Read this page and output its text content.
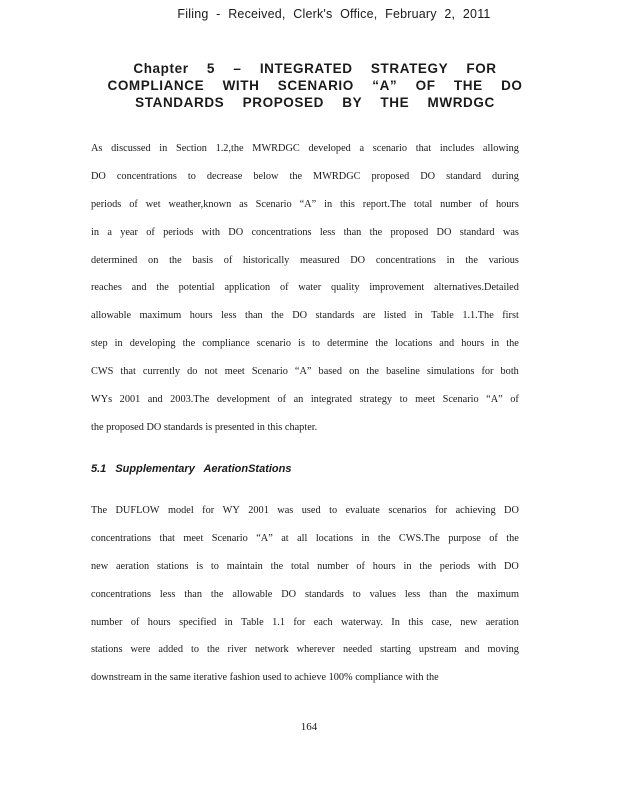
Filing - Received, Clerk's Office, February 2, 2011
Chapter 5 – INTEGRATED STRATEGY FOR
COMPLIANCE WITH SCENARIO “A” OF THE DO
STANDARDS PROPOSED BY THE MWRDGC
As discussed in Section 1.2,the MWRDGC developed a scenario that includes allowing
DO concentrations to decrease below the MWRDGC proposed DO standard during
periods of wet weather,known as Scenario “A” in this report.The total number of hours
in a year of periods with DO concentrations less than the proposed DO standard was
determined on the basis of historically measured DO concentrations in the various
reaches and the potential application of water quality improvement alternatives.Detailed
allowable maximum hours less than the DO standards are listed in Table 1.1.The first
step in developing the compliance scenario is to determine the locations and hours in the
CWS that currently do not meet Scenario “A” based on the baseline simulations for both
WYs 2001 and 2003.The development of an integrated strategy to meet Scenario “A” of
the proposed DO standards is presented in this chapter.
5.1 Supplementary AerationStations
The DUFLOW model for WY 2001 was used to evaluate scenarios for achieving DO
concentrations that meet Scenario “A” at all locations in the CWS.The purpose of the
new aeration stations is to maintain the total number of hours in the periods with DO
concentrations less than the allowable DO standards to values less than the maximum
number of hours specified in Table 1.1 for each waterway. In this case, new aeration
stations were added to the river network wherever needed starting upstream and moving
downstream in the same iterative fashion used to achieve 100% compliance with the
164
